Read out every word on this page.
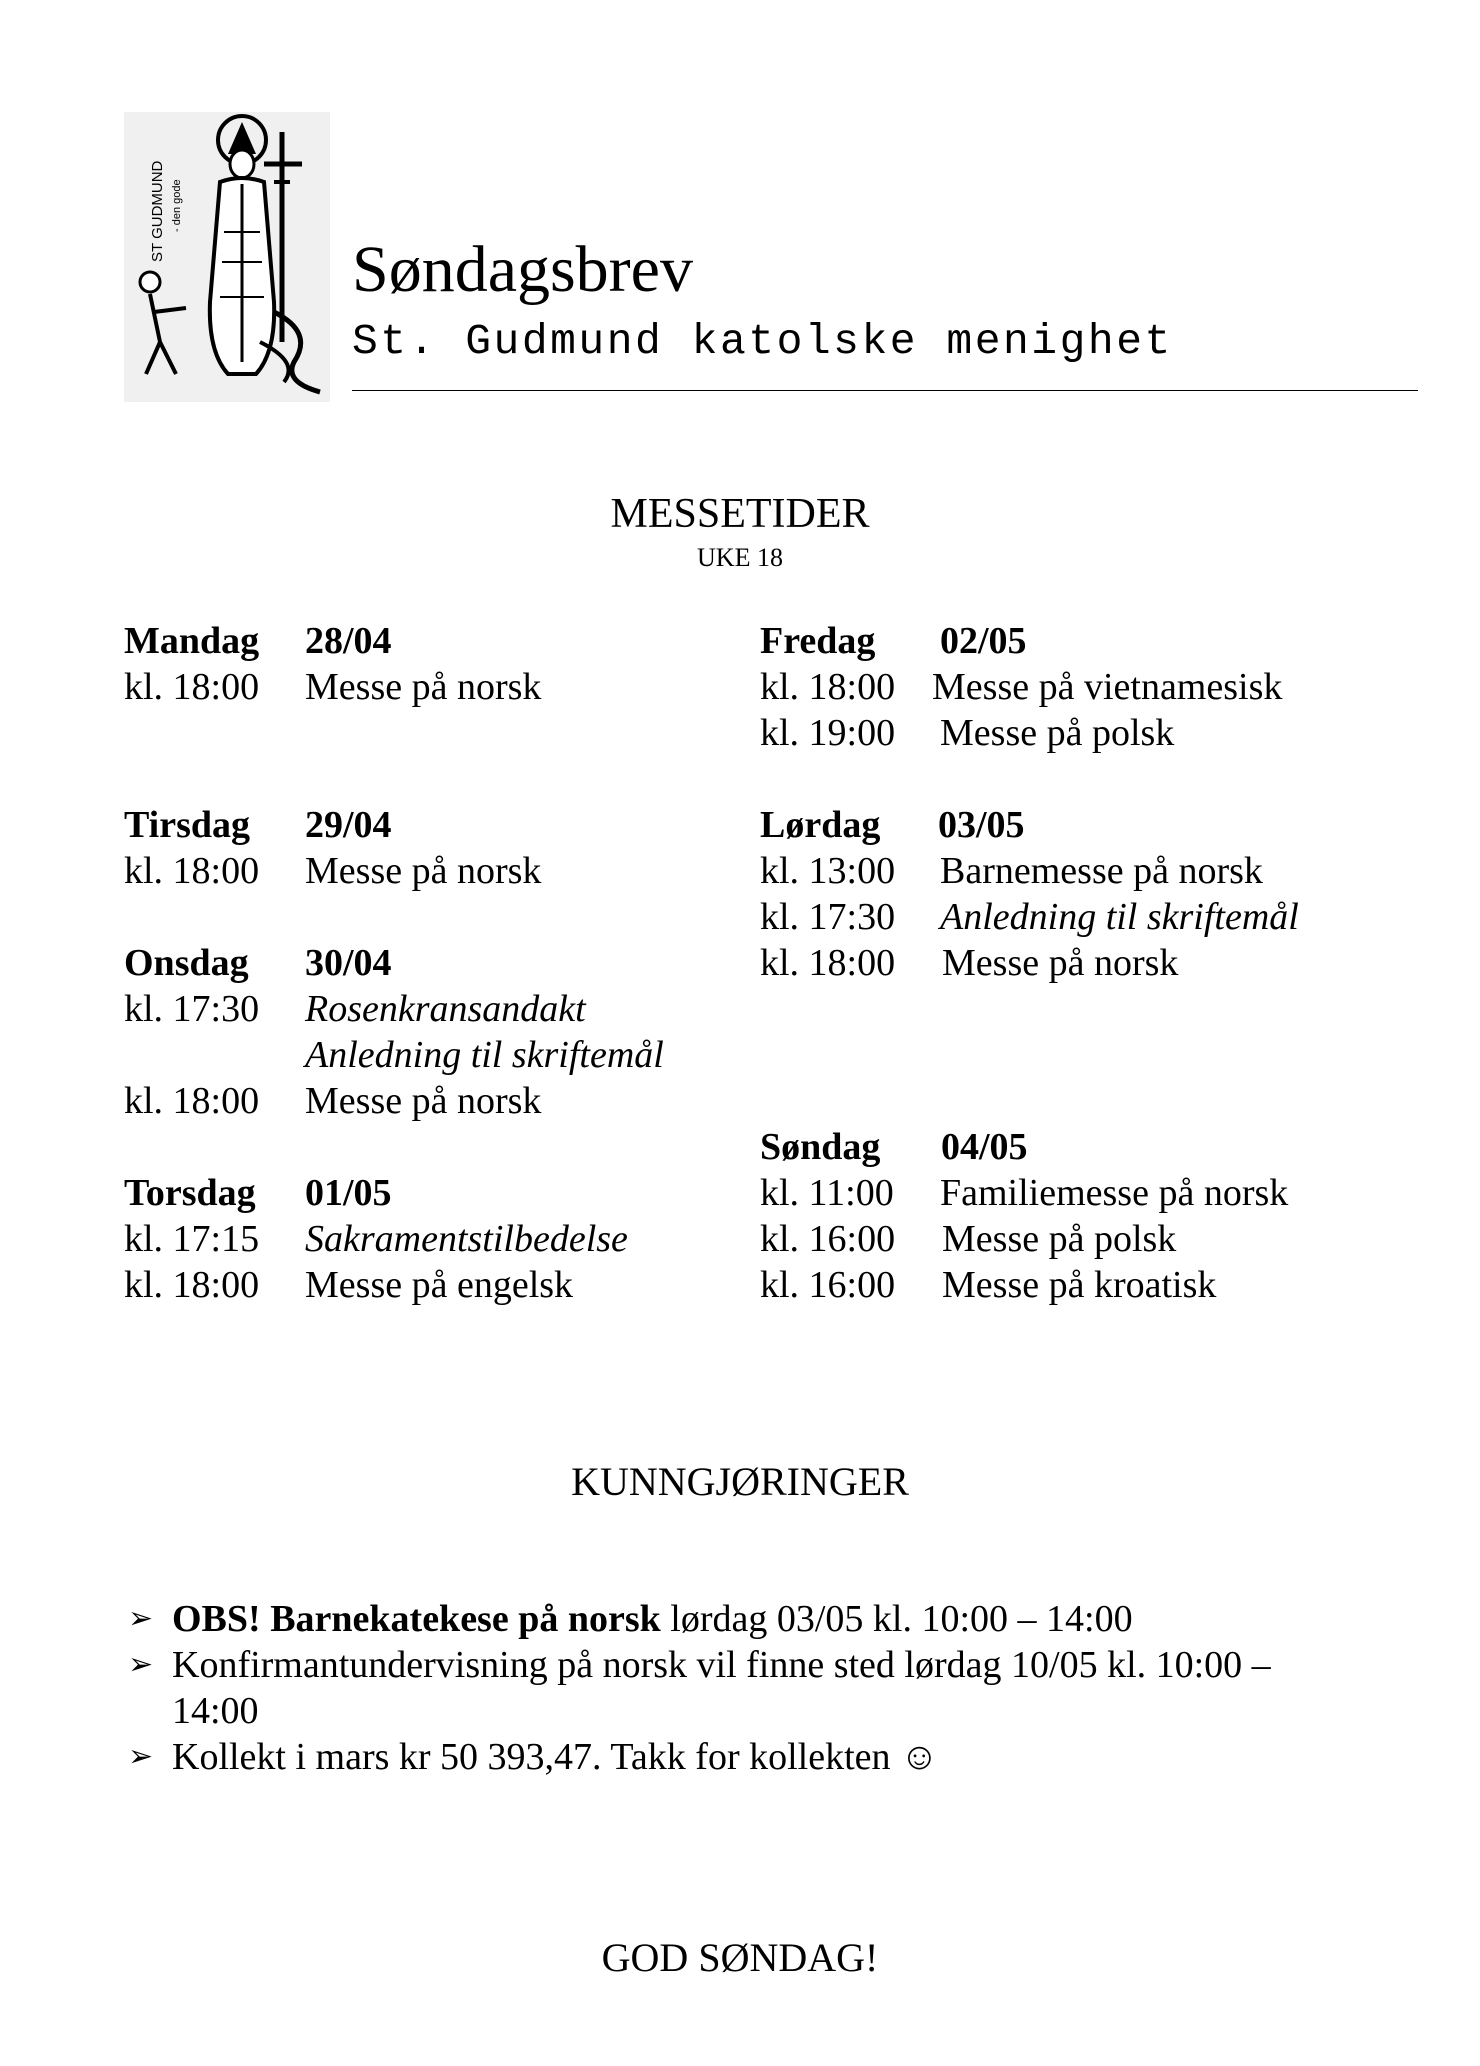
ST GUDMUND - den gode
Søndagsbrev
St. Gudmund katolske menighet
MESSETIDER
UKE 18
Mandag 28/04
kl. 18:00 Messe på norsk
Tirsdag 29/04
kl. 18:00 Messe på norsk
Onsdag 30/04
kl. 17:30 Rosenkransandakt
Anledning til skriftemål
kl. 18:00 Messe på norsk
Torsdag 01/05
kl. 17:15 Sakramentstilbedelse
kl. 18:00 Messe på engelsk
Fredag 02/05
kl. 18:00 Messe på vietnamesisk
kl. 19:00 Messe på polsk
Lørdag 03/05
kl. 13:00 Barnemesse på norsk
kl. 17:30 Anledning til skriftemål
kl. 18:00 Messe på norsk
Søndag 04/05
kl. 11:00 Familiemesse på norsk
kl. 16:00 Messe på polsk
kl. 16:00 Messe på kroatisk
KUNNGJØRINGER
➢ OBS! Barnekatekese på norsk lørdag 03/05 kl. 10:00 – 14:00
➢ Konfirmantundervisning på norsk vil finne sted lørdag 10/05 kl. 10:00 – 14:00
➢ Kollekt i mars kr 50 393,47. Takk for kollekten ☺
GOD SØNDAG!
